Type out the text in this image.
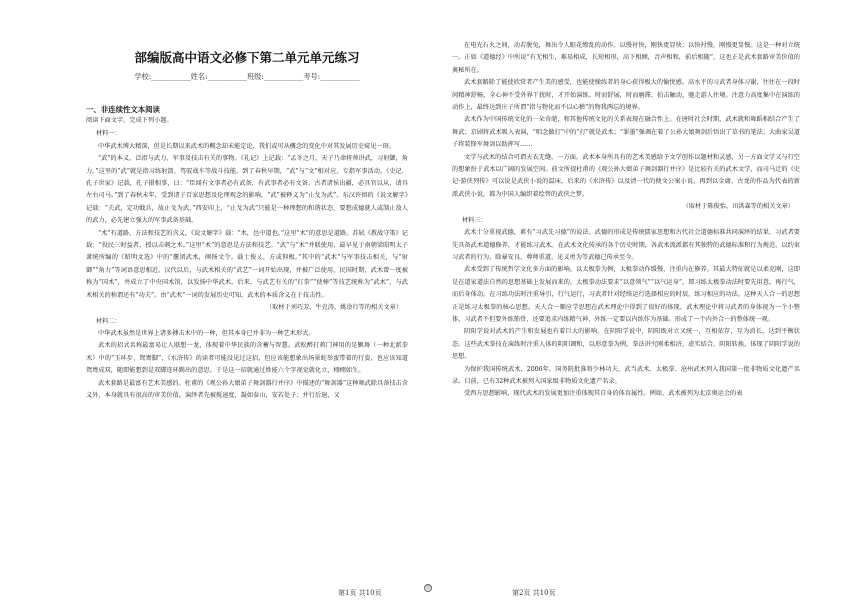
部编版高中语文必修下第二单元单元练习
学校:___________姓名:___________班级:___________考号:___________
一、非连续性文本阅读

阅读下面文字，完成下列小题。

材料一：

中华武术博大精深，但是长期以来武术的概念却未能定论，我们或可从概念的变化中对其发展历史窥见一斑。

“武”的本义，泛指与武力、军事及技击有关的事物。《礼记》上记载：“孟冬之月，天子乃命将帅讲武，习射御，角力。”这里的“武”就是指习练射箭、驾驭战车等战斗技能。到了春秋早期，“武”与“文”相对应，专指军事活动。《史记．孔子世家》记载，孔子摄相事，曰：“臣闻有文事者必有武备，有武事者必有文备。古者诸侯出疆，必具官以从，请具左右司马。”到了春秋末年，受到诸子百家思想及伦理观念的影响，“武”被释义为“止戈为武”。东汉许慎的《说文解字》记载：“夫武，定功戢兵，故止戈为武。”西安印上，“止戈为武”只能是一种理想的和谐状态，要想成德就人或制止敌人的武力，必先建立强大的军事武备基础。

“术”有道路、方法和技艺的含义。《说文解字》载：“术，邑中道也。”这里“术”的意思是道路。苏轼《教战守策》记载：“役民三时益者，授以击刺之术。”这里“术”的意思是方法和技艺。“武”与“术”并联使用，最早见于南朝梁昭明太子萧统所编的《昭明文选》中的“偃闭武术，阐扬文令。载士俊乂，方或仰极。”其中的“武术”与军事技击相关，与“射御”“角力”等词语意思相近。汉代以后，与武术相关的“武艺”一词开始出现，并被广泛使用。民国时期，武术曾一度被称为“国术”，并成立了中央国术馆，以发扬中华武术。后来，与武艺有关的“打拳”“使棒”等技艺统称为“武术”，与武术相关的称谓还有“功夫”。由“武术”一词的发展历史可知，武术的本质含义在于技击性。

（取材于刘巧芳、牛克涛、姚淦行等的相关文章）

材料二：

中华武术虽然是世界上诸多搏击术中的一种，但其本身已并非为一种艺术形式。

武术的招式名称最富易让人联想一龙，体现着中华民族的含蓄与智慧。武松醉打蒋门神用的是飘舞（一种北派拳术）中的“玉环步、鸳鸯脚”，《水浒传》的读者可能没见过这招，但应该能想象出场景蛇举蛮带着的行姿，也应该知道鸳鸯成双，随即能想到是双脚连环踢出的意思。于是这一招就通过姓能六个字视觉就化立，栩栩如生。

武术套路是最富有艺术美感的。杜甫的《观公孙大娘弟子舞剑器行并序》中描述的“舞剑器”这种舞武除具备技击含义外，本身就具有很高的审美价值。演绎者先被搅速度，凝如泰山，安若处子；并行后退，又

在电光石火之间，动若脱兔，舞出令人眼花缭乱的动作。以慢衬快，刚快更显快；以快衬慢，刚慢更显慢。这是一种对立统一。正如《道德经》中所说“有无相生，难易相成，长短相形，高下相倾，音声相和，前后相随”，这也正是武术套路审美价值的奥秘所在。

武术套路除了能使欣赏者产生美的感受，也能使操练者的身心获得极大的愉悦感。高水平的习武者身体习谢，往往在一段时间精神舒畅，全心神不受外界干扰时，才开始演练。时而舒展，时而磨滞，拍击触动，驰走游人住境。注意力高度集中在演练的动作上，最终达到庄子所谓“指与物化而不以心稽”的物我两忘的境界。

武术作为中国传统文化的一朵奇葩，和其他传统文化的关系表现在融合性上。在唐时社会时期，武术就和舞蹈相结合产生了舞武；京剧将武术吸入表演，“唱念做打”中的“打”就是武术；“罪墨”强调在着了公孙大娘舞剑后悟出了草书的笔法；大曲家吴道子将装锋军舞剑以助挥写……

文学与武术的结合可谓天衣无缝。一方面，武术本身所具有的艺术美感给予文学创作以题材和灵感，另一方面文学又与行空的想象扮于武术以广阔的发展空间。前文所提杜甫的《观公孙大娘弟子舞剑器行并序》是比较有关的武术文学，而司马迁的《史记·游侠列传》可以说是武侠小说的温床，后来的《水浒传》以及清一代的便文公案小说，再到以金庸、古龙的作品为代表的新派武侠小说，都为中国人编织着绘替的武侠之梦。

（取材于陈俊怡、田洪森等的相关文章）

材料三：

武术十分重视武德，素有“习武先习德”的说法。武德的形成是传统儒家思想和古代社会道德标准共同演绎的结果，习武者要先具备武术道德修养，才能练习武术。在武术文化传承的各个历史时期，各武术流派都有其独特的武德标准和行为规范，以约束习武者的行为。除暴安良、尊师重道、见义勇为等武德已传承至今。

武术受到了传统哲学文化多方面的影响。以太极拳为例，太极拳动作缓慢，注重内在修养。其最大特征就是以柔克刚，这即是在道家道法自然的思想基础上发展而来的。太极拳动法要求“以意领气”“以气运身”，即习练太极拳动法时要先用意，再行气，而后身体动。在习练功法时注重导引，行气运行，习武者针对经络运行选择相应的时辰，练习相应的功法。这种天人合一的思想正是练习太极拳的核心思想。天人合一顺应学思想在武术理论中得到了很好的体现，武术理论中将习武者的身体视为一个小整体，习武者不但要外练筋骨，还要追求内练精气神，外练一定要以内练作为基础。形成了一个内外合一的整体统一观。

阴阳学说对武术的产生和发展也有着巨大的影响。在阴阳学说中，阴阳既对立又统一，互相依存，互为消长，达到平衡状态。这些武术拳技在演练时注重人体的阴阳调和，以形意拳为例，拳法讲究刚柔相济，虚实结合，阴阳转换，体现了阴阳学说的思想。

为保护我国传统武术，2006年，国务院批准将少林功夫、武当武术、太极拳、沧州武术列入我国第一批非物质文化遗产名录。目前，已有32种武术被列入国家级非物质文化遗产名录。

受西方思想影响，现代武术的发展更加注重体现其自身的体育属性。例如，武术被列为北京奥运会的表

第1页 共10页
◎
第2页 共10页
